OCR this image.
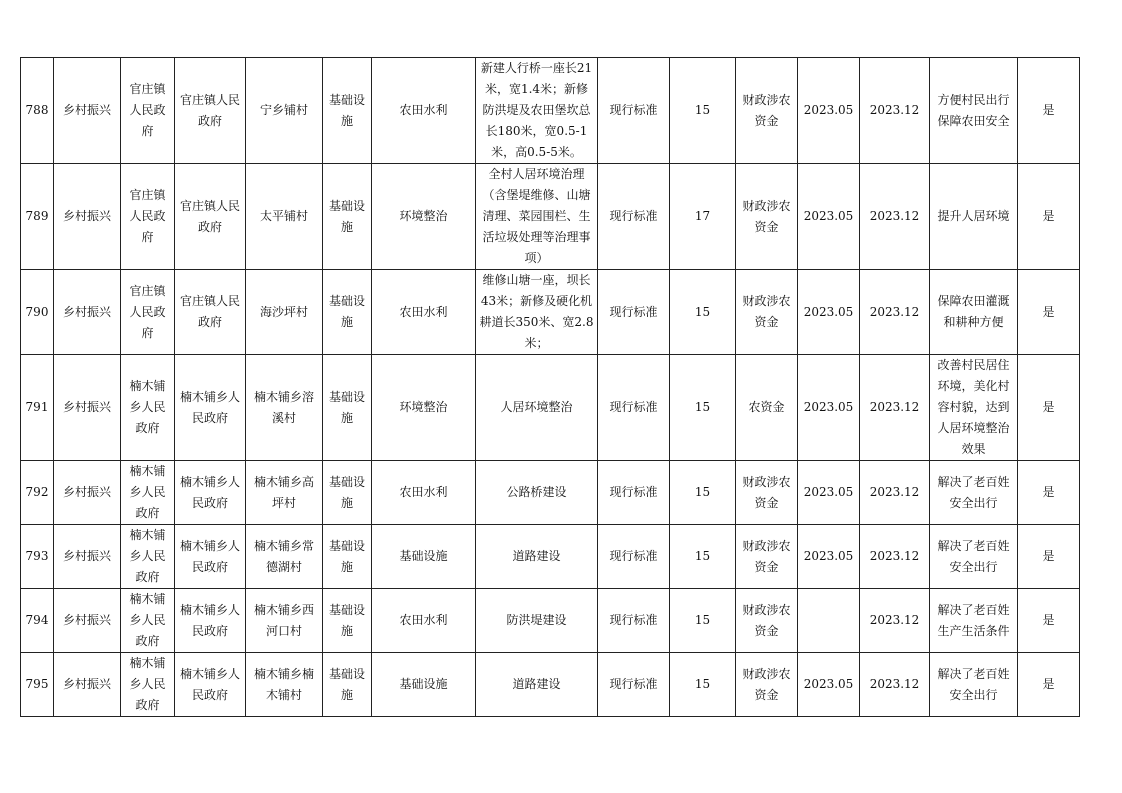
788	乡村振兴	官庄镇人民政府	官庄镇人民政府	宁乡铺村	基础设施	农田水利	新建人行桥一座长21米，宽1.4米；新修防洪堤及农田堡坎总长180米，宽0.5-1米，高0.5-5米。	现行标准	15	财政涉农资金	2023.05	2023.12	方便村民出行保障农田安全	是
789	乡村振兴	官庄镇人民政府	官庄镇人民政府	太平铺村	基础设施	环境整治	全村人居环境治理（含堡堤维修、山塘清理、菜园围栏、生活垃圾处理等治理事项）	现行标准	17	财政涉农资金	2023.05	2023.12	提升人居环境	是
790	乡村振兴	官庄镇人民政府	官庄镇人民政府	海沙坪村	基础设施	农田水利	维修山塘一座，坝长43米；新修及硬化机耕道长350米、宽2.8米；	现行标准	15	财政涉农资金	2023.05	2023.12	保障农田灌溉和耕种方便	是
791	乡村振兴	楠木铺乡人民政府	楠木铺乡人民政府	楠木铺乡溶溪村	基础设施	环境整治	人居环境整治	现行标准	15	农资金	2023.05	2023.12	改善村民居住环境，美化村容村貌，达到人居环境整治效果	是
792	乡村振兴	楠木铺乡人民政府	楠木铺乡人民政府	楠木铺乡高坪村	基础设施	农田水利	公路桥建设	现行标准	15	财政涉农资金	2023.05	2023.12	解决了老百姓安全出行	是
793	乡村振兴	楠木铺乡人民政府	楠木铺乡人民政府	楠木铺乡常德湖村	基础设施	基础设施	道路建设	现行标准	15	财政涉农资金	2023.05	2023.12	解决了老百姓安全出行	是
794	乡村振兴	楠木铺乡人民政府	楠木铺乡人民政府	楠木铺乡西河口村	基础设施	农田水利	防洪堤建设	现行标准	15	财政涉农资金		2023.12	解决了老百姓生产生活条件	是
795	乡村振兴	楠木铺乡人民政府	楠木铺乡人民政府	楠木铺乡楠木铺村	基础设施	基础设施	道路建设	现行标准	15	财政涉农资金	2023.05	2023.12	解决了老百姓安全出行	是
